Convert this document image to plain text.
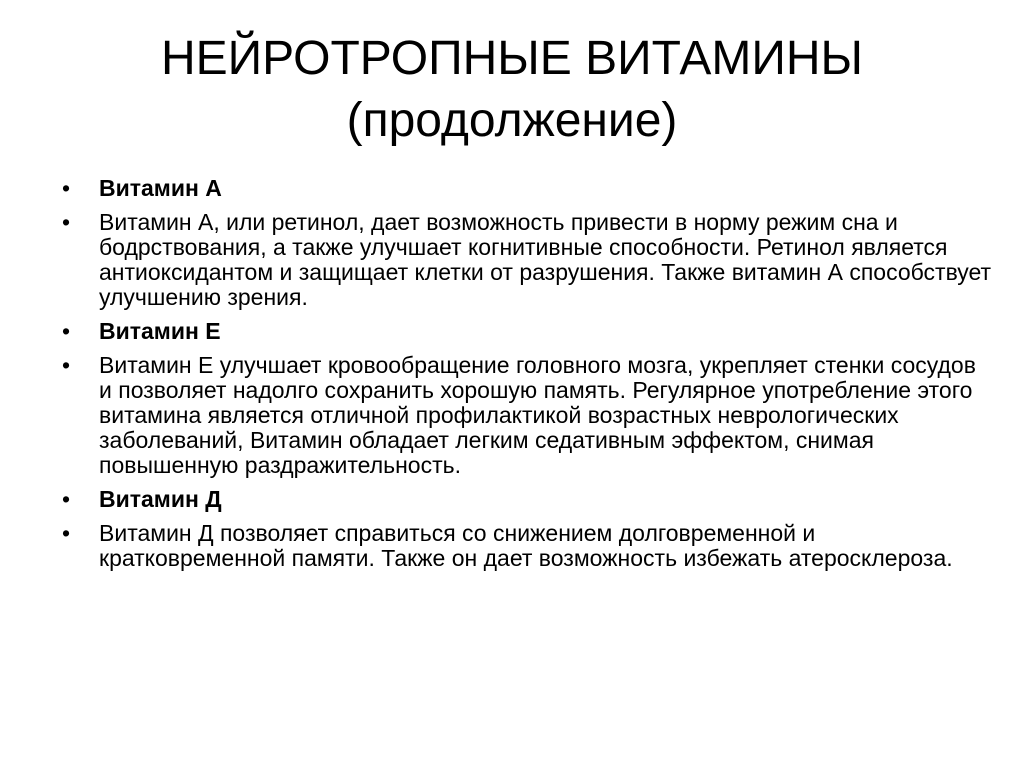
НЕЙРОТРОПНЫЕ ВИТАМИНЫ
(продолжение)
•	Витамин А
•	Витамин А, или ретинол, дает возможность привести в норму режим сна и бодрствования, а также улучшает когнитивные способности. Ретинол является антиоксидантом и защищает клетки от разрушения. Также витамин А способствует улучшению зрения.
•	Витамин Е
•	Витамин Е улучшает кровообращение головного мозга, укрепляет стенки сосудов и позволяет надолго сохранить хорошую память. Регулярное употребление этого витамина является отличной профилактикой возрастных неврологических заболеваний, Витамин обладает легким седативным эффектом, снимая повышенную раздражительность.
•	Витамин Д
•	Витамин Д позволяет справиться со снижением долговременной и кратковременной памяти. Также он дает возможность избежать атеросклероза.
